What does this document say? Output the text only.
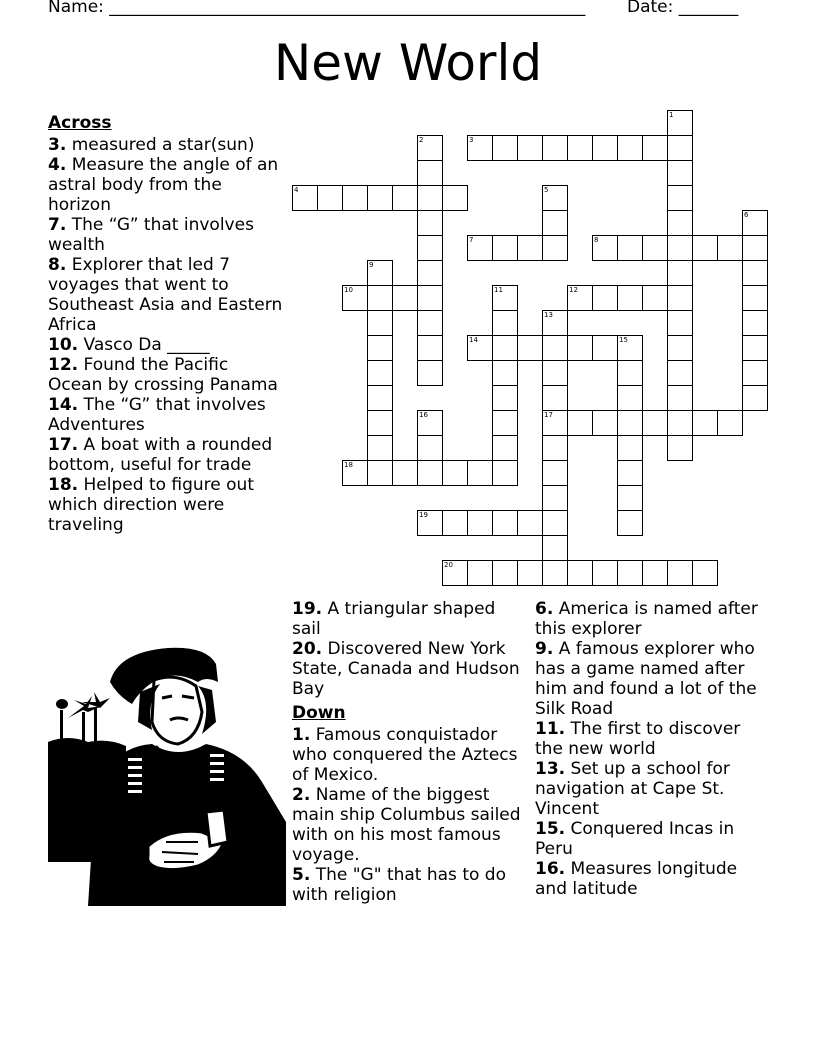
Name: ________________________________________________________ Date: _______
New World
1
2	3
4	5
6
7	8
9
10	11	12
13
17
14	15
16
18
19
20
Across
3. measured a star(sun)
4. Measure the angle of an astral body from the horizon
7. The “G” that involves wealth
8. Explorer that led 7 voyages that went to Southeast Asia and Eastern Africa
10. Vasco Da _____
12. Found the Pacific Ocean by crossing Panama
14. The “G” that involves Adventures
17. A boat with a rounded bottom, useful for trade
18. Helped to figure out which direction were traveling
19. A triangular shaped sail
20. Discovered New York State, Canada and Hudson Bay
Down
1. Famous conquistador who conquered the Aztecs of Mexico.
2. Name of the biggest main ship Columbus sailed with on his most famous voyage.
5. The "G" that has to do with religion
6. America is named after this explorer
9. A famous explorer who has a game named after him and found a lot of the Silk Road
11. The first to discover the new world
13. Set up a school for navigation at Cape St. Vincent
15. Conquered Incas in Peru
16. Measures longitude and latitude
